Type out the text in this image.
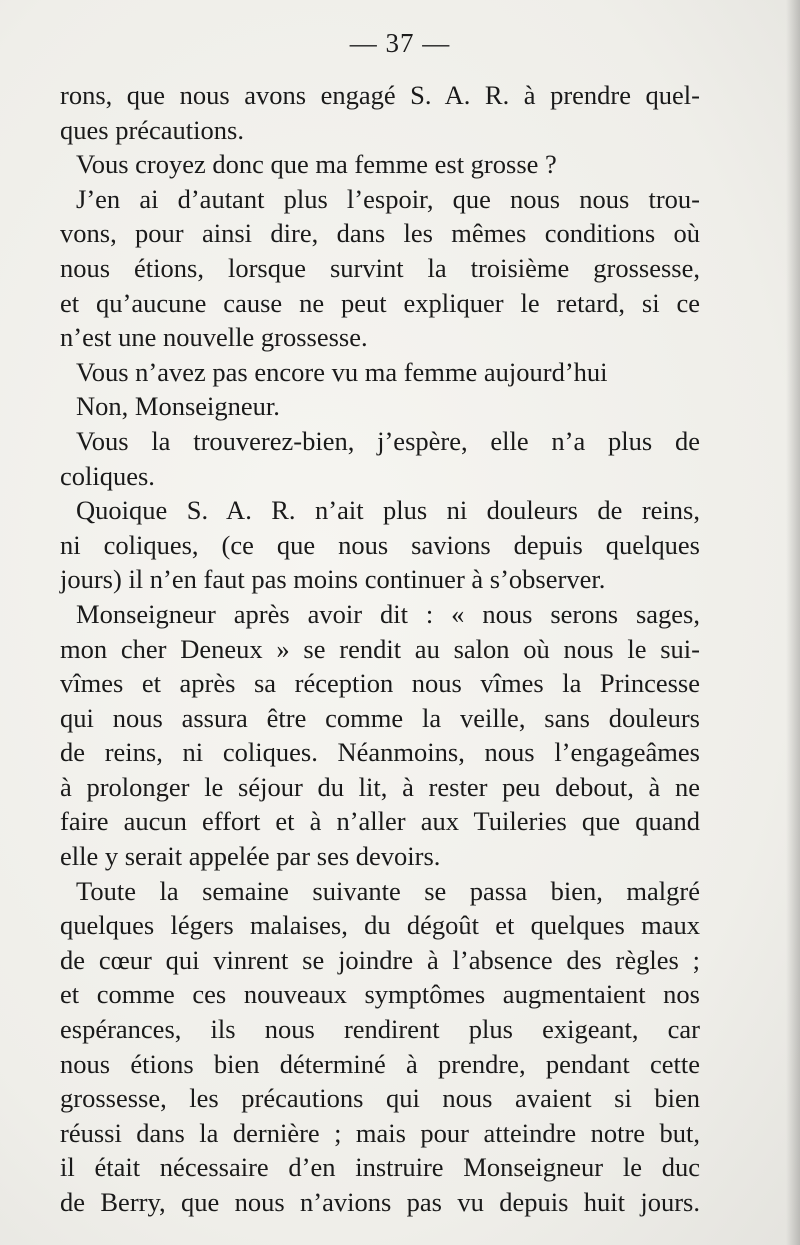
— 37 —
rons, que nous avons engagé S. A. R. à prendre quel-
ques précautions.
Vous croyez donc que ma femme est grosse ?
J’en ai d’autant plus l’espoir, que nous nous trou-
vons, pour ainsi dire, dans les mêmes conditions où
nous étions, lorsque survint la troisième grossesse,
et qu’aucune cause ne peut expliquer le retard, si ce
n’est une nouvelle grossesse.
Vous n’avez pas encore vu ma femme aujourd’hui
Non, Monseigneur.
Vous la trouverez-bien, j’espère, elle n’a plus de
coliques.
Quoique S. A. R. n’ait plus ni douleurs de reins,
ni coliques, (ce que nous savions depuis quelques
jours) il n’en faut pas moins continuer à s’observer.
Monseigneur après avoir dit : « nous serons sages,
mon cher Deneux » se rendit au salon où nous le sui-
vîmes et après sa réception nous vîmes la Princesse
qui nous assura être comme la veille, sans douleurs
de reins, ni coliques. Néanmoins, nous l’engageâmes
à prolonger le séjour du lit, à rester peu debout, à ne
faire aucun effort et à n’aller aux Tuileries que quand
elle y serait appelée par ses devoirs.
Toute la semaine suivante se passa bien, malgré
quelques légers malaises, du dégoût et quelques maux
de cœur qui vinrent se joindre à l’absence des règles ;
et comme ces nouveaux symptômes augmentaient nos
espérances, ils nous rendirent plus exigeant, car
nous étions bien déterminé à prendre, pendant cette
grossesse, les précautions qui nous avaient si bien
réussi dans la dernière ; mais pour atteindre notre but,
il était nécessaire d’en instruire Monseigneur le duc
de Berry, que nous n’avions pas vu depuis huit jours.
